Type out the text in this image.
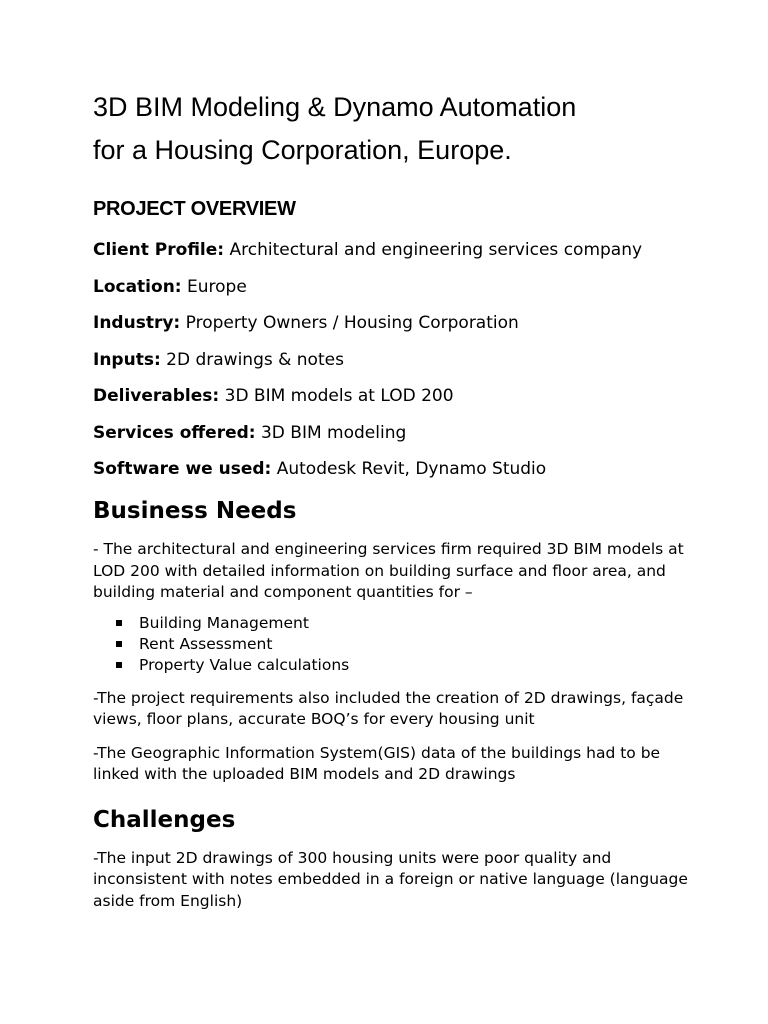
3D BIM Modeling & Dynamo Automation
for a Housing Corporation, Europe.
PROJECT OVERVIEW

Client Profile: Architectural and engineering services company

Location: Europe

Industry: Property Owners / Housing Corporation

Inputs: 2D drawings & notes

Deliverables: 3D BIM models at LOD 200

Services offered: 3D BIM modeling

Software we used: Autodesk Revit, Dynamo Studio

Business Needs

- The architectural and engineering services firm required 3D BIM models at LOD 200 with detailed information on building surface and floor area, and building material and component quantities for –

Building Management
Rent Assessment
Property Value calculations

-The project requirements also included the creation of 2D drawings, façade views, floor plans, accurate BOQ’s for every housing unit

-The Geographic Information System(GIS) data of the buildings had to be linked with the uploaded BIM models and 2D drawings

Challenges

-The input 2D drawings of 300 housing units were poor quality and inconsistent with notes embedded in a foreign or native language (language aside from English)
